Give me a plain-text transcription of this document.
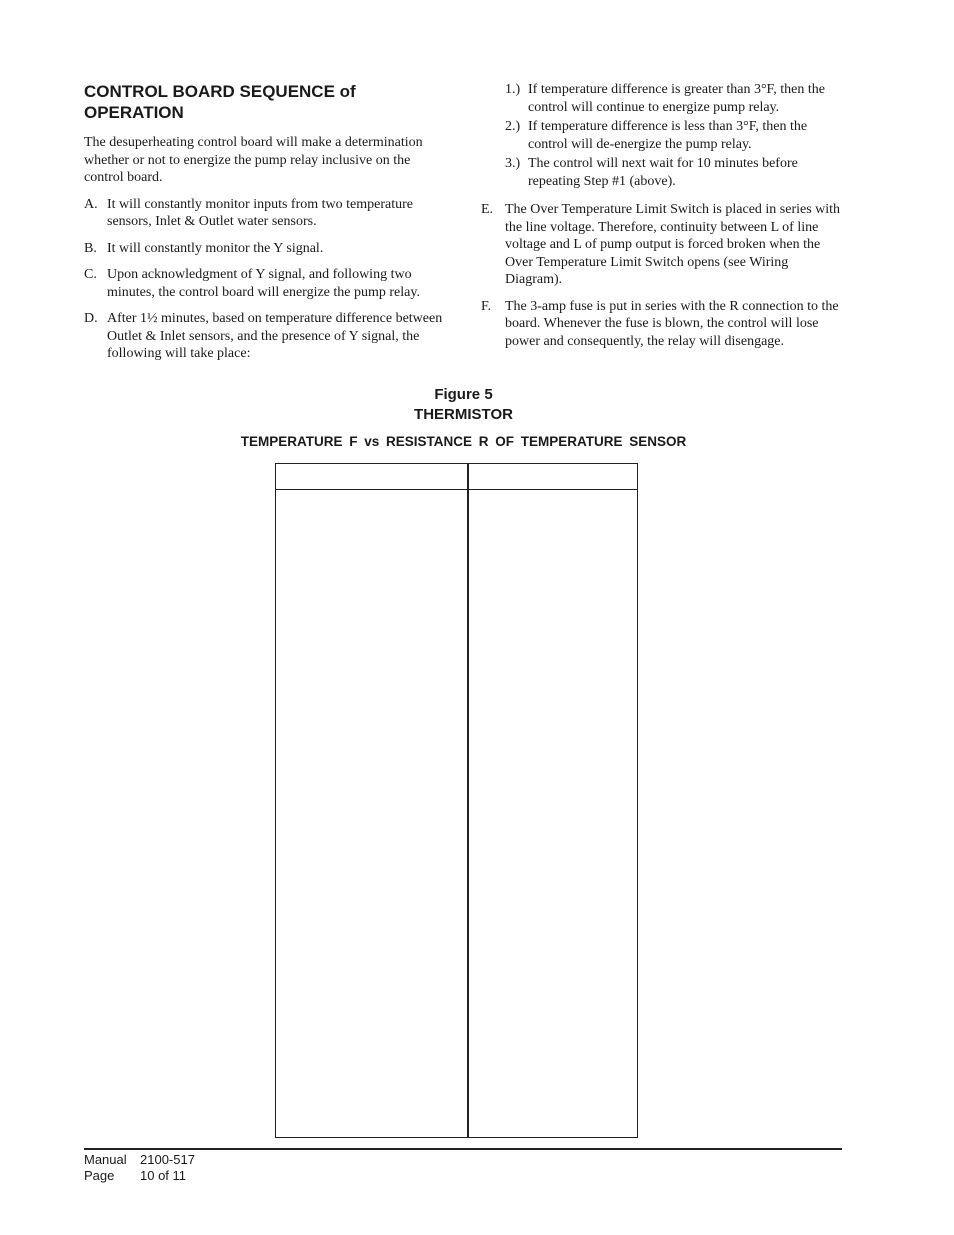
CONTROL BOARD SEQUENCE of OPERATION

The desuperheating control board will make a determination whether or not to energize the pump relay inclusive on the control board.

A. It will constantly monitor inputs from two temperature sensors, Inlet & Outlet water sensors.
B. It will constantly monitor the Y signal.
C. Upon acknowledgment of Y signal, and following two minutes, the control board will energize the pump relay.
D. After 1½ minutes, based on temperature difference between Outlet & Inlet sensors, and the presence of Y signal, the following will take place:
1.) If temperature difference is greater than 3°F, then the control will continue to energize pump relay.
2.) If temperature difference is less than 3°F, then the control will de-energize the pump relay.
3.) The control will next wait for 10 minutes before repeating Step #1 (above).
E. The Over Temperature Limit Switch is placed in series with the line voltage. Therefore, continuity between L of line voltage and L of pump output is forced broken when the Over Temperature Limit Switch opens (see Wiring Diagram).
F. The 3-amp fuse is put in series with the R connection to the board. Whenever the fuse is blown, the control will lose power and consequently, the relay will disengage.
Figure 5
THERMISTOR
TEMPERATURE F vs RESISTANCE R OF TEMPERATURE SENSOR
Manual 2100-517
Page 10 of 11
